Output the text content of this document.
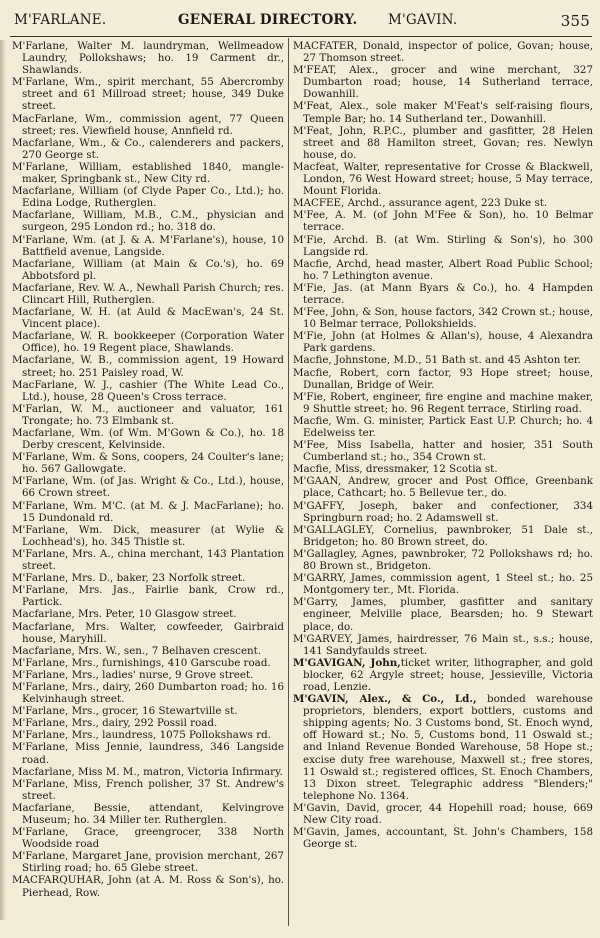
M'FARLANE.	GENERAL DIRECTORY. M'GAVIN.	355

M'Farlane, Walter M. laundryman, Wellmeadow Laundry, Pollokshaws; ho. 19 Carment dr., Shawlands.

M'Farlane, Wm., spirit merchant, 55 Abercromby street and 61 Millroad street; house, 349 Duke street.

MacFarlane, Wm., commission agent, 77 Queen street; res. Viewfield house, Annfield rd.

Macfarlane, Wm., & Co., calenderers and packers, 270 George st.

M'Farlane, William, established 1840, mangle-maker, Springbank st., New City rd.

Macfarlane, William (of Clyde Paper Co., Ltd.); ho. Edina Lodge, Rutherglen.

Macfarlane, William, M.B., C.M., physician and surgeon, 295 London rd.; ho. 318 do.

M'Farlane, Wm. (at J. & A. M'Farlane's), house, 10 Battfield avenue, Langside.

Macfarlane, William (at Main & Co.'s), ho. 69 Abbotsford pl.

Macfarlane, Rev. W. A., Newhall Parish Church; res. Clincart Hill, Rutherglen.

Macfarlane, W. H. (at Auld & MacEwan's, 24 St. Vincent place).

Macfarlane, W. R. bookkeeper (Corporation Water Office), ho. 19 Regent place, Shawlands.

Macfarlane, W. B., commission agent, 19 Howard street; ho. 251 Paisley road, W.

MacFarlane, W. J., cashier (The White Lead Co., Ltd.), house, 28 Queen's Cross terrace.

M'Farlan, W. M., auctioneer and valuator, 161 Trongate; ho. 73 Elmbank st.

Macfarlane, Wm. (of Wm. M'Gown & Co.), ho. 18 Derby crescent, Kelvinside.

M'Farlane, Wm. & Sons, coopers, 24 Coulter's lane; ho. 567 Gallowgate.

M'Farlane, Wm. (of Jas. Wright & Co., Ltd.), house, 66 Crown street.

M'Farlane, Wm. M'C. (at M. & J. MacFarlane); ho. 15 Dundonald rd.

M'Farlane, Wm. Dick, measurer (at Wylie & Lochhead's), ho. 345 Thistle st.

M'Farlane, Mrs. A., china merchant, 143 Plantation street.

M'Farlane, Mrs. D., baker, 23 Norfolk street.

M'Farlane, Mrs. Jas., Fairlie bank, Crow rd., Partick.

Macfarlane, Mrs. Peter, 10 Glasgow street.

Macfarlane, Mrs. Walter, cowfeeder, Gairbraid house, Maryhill.

Macfarlane, Mrs. W., sen., 7 Belhaven crescent.

M'Farlane, Mrs., furnishings, 410 Garscube road.

M'Farlane, Mrs., ladies' nurse, 9 Grove street.

M'Farlane, Mrs., dairy, 260 Dumbarton road; ho. 16 Kelvinhaugh street.

M'Farlane, Mrs., grocer, 16 Stewartville st.

M'Farlane, Mrs., dairy, 292 Possil road.

M'Farlane, Mrs., laundress, 1075 Pollokshaws rd.

M'Farlane, Miss Jennie, laundress, 346 Langside road.

Macfarlane, Miss M. M., matron, Victoria Infirmary.

M'Farlane, Miss, French polisher, 37 St. Andrew's street.

Macfarlane, Bessie, attendant, Kelvingrove Museum; ho. 34 Miller ter. Rutherglen.

M'Farlane, Grace, greengrocer, 338 North Woodside road

M'Farlane, Margaret Jane, provision merchant, 267 Stirling road; ho. 65 Glebe street.

MACFARQUHAR, John (at A. M. Ross & Son's), ho. Pierhead, Row.

MACFATER, Donald, inspector of police, Govan; house, 27 Thomson street.

M'FEAT, Alex., grocer and wine merchant, 327 Dumbarton road; house, 14 Sutherland terrace, Dowanhill.

M'Feat, Alex., sole maker M'Feat's self-raising flours, Temple Bar; ho. 14 Sutherland ter., Dowanhill.

M'Feat, John, R.P.C., plumber and gasfitter, 28 Helen street and 88 Hamilton street, Govan; res. Newlyn house, do.

Macfeat, Walter, representative for Crosse & Blackwell, London, 76 West Howard street; house, 5 May terrace, Mount Florida.

MACFEE, Archd., assurance agent, 223 Duke st.

M'Fee, A. M. (of John M'Fee & Son), ho. 10 Belmar terrace.

M'Fie, Archd. B. (at Wm. Stirling & Son's), ho 300 Langside rd.

Macfie, Archd, head master, Albert Road Public School; ho. 7 Lethington avenue.

M'Fie, Jas. (at Mann Byars & Co.), ho. 4 Hampden terrace.

M'Fee, John, & Son, house factors, 342 Crown st.; house, 10 Belmar terrace, Pollokshields.

M'Fie, John (at Holmes & Allan's), house, 4 Alexandra Park gardens.

Macfie, Johnstone, M.D., 51 Bath st. and 45 Ashton ter.

Macfie, Robert, corn factor, 93 Hope street; house, Dunallan, Bridge of Weir.

M'Fie, Robert, engineer, fire engine and machine maker, 9 Shuttle street; ho. 96 Regent terrace, Stirling road.

Macfie, Wm. G. minister, Partick East U.P. Church; ho. 4 Edelweiss ter.

M'Fee, Miss Isabella, hatter and hosier, 351 South Cumberland st.; ho., 354 Crown st.

Macfie, Miss, dressmaker, 12 Scotia st.

M'GAAN, Andrew, grocer and Post Office, Greenbank place, Cathcart; ho. 5 Bellevue ter., do.

M'GAFFY, Joseph, baker and confectioner, 334 Springburn road; ho. 2 Adamswell st.

M'GALLAGLEY, Cornelius, pawnbroker, 51 Dale st., Bridgeton; ho. 80 Brown street, do.

M'Gallagley, Agnes, pawnbroker, 72 Pollokshaws rd; ho. 80 Brown st., Bridgeton.

M'GARRY, James, commission agent, 1 Steel st.; ho. 25 Montgomery ter., Mt. Florida.

M'Garry, James, plumber, gasfitter and sanitary engineer, Melville place, Bearsden; ho. 9 Stewart place, do.

M'GARVEY, James, hairdresser, 76 Main st., s.s.; house, 141 Sandyfaulds street.

M'GAVIGAN, John,ticket writer, lithographer, and gold blocker, 62 Argyle street; house, Jessieville, Victoria road, Lenzie.

M'GAVIN, Alex., & Co., Ld., bonded warehouse proprietors, blenders, export bottlers, customs and shipping agents; No. 3 Customs bond, St. Enoch wynd, off Howard st.; No. 5, Customs bond, 11 Oswald st.; and Inland Revenue Bonded Warehouse, 58 Hope st.; excise duty free warehouse, Maxwell st.; free stores, 11 Oswald st.; registered offices, St. Enoch Chambers, 13 Dixon street. Telegraphic address "Blenders;" telephone No. 1364.

M'Gavin, David, grocer, 44 Hopehill road; house, 669 New City road.

M'Gavin, James, accountant, St. John's Chambers, 158 George st.
